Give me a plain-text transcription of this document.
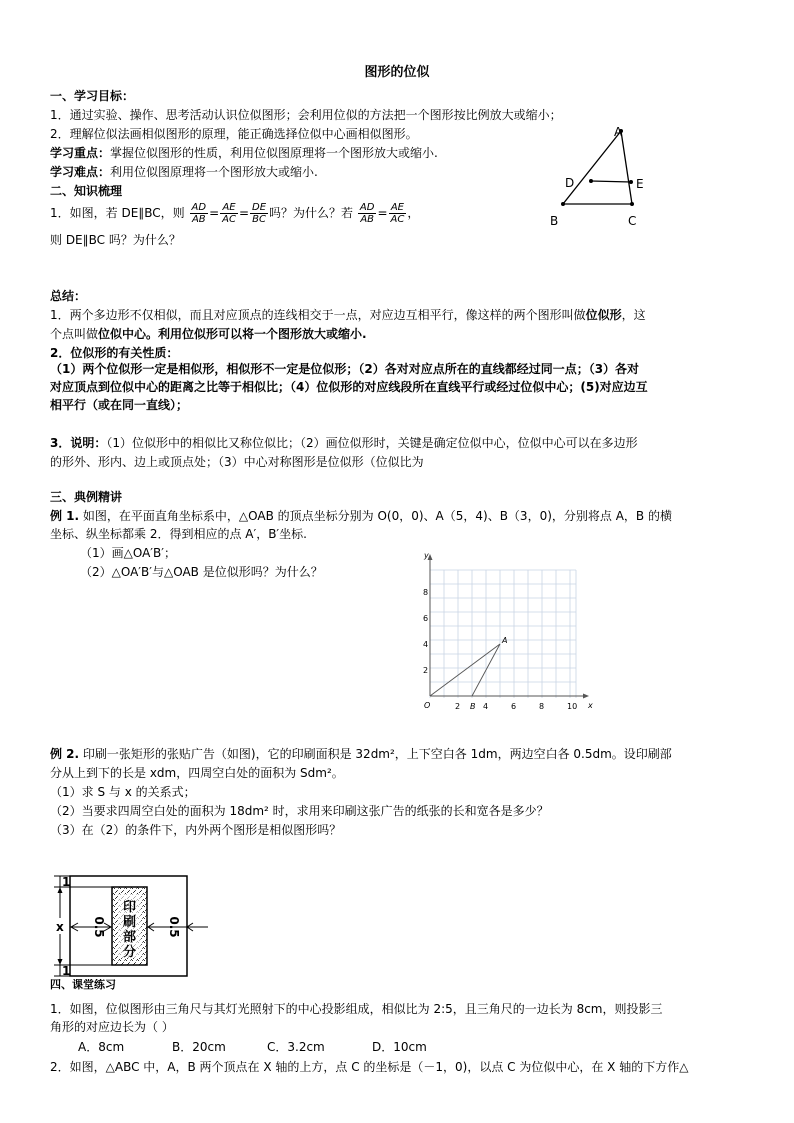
图形的位似
一、学习目标：
1．通过实验、操作、思考活动认识位似图形；会利用位似的方法把一个图形按比例放大或缩小；
2．理解位似法画相似图形的原理，能正确选择位似中心画相似图形。
学习重点：掌握位似图形的性质，利用位似图原理将一个图形放大或缩小.
学习难点：利用位似图原理将一个图形放大或缩小.
二、知识梳理
1．如图，若 DE∥BC，则 $\frac{AD}{AB} = \frac{AE}{AC} = \frac{DE}{BC}$ 吗？为什么？若 $\frac{AD}{AB} = \frac{AE}{AC}$ ，
则 DE∥BC 吗？为什么？
A
B	C
D	E
总结：
1．两个多边形不仅相似，而且对应顶点的连线相交于一点，对应边互相平行，像这样的两个图形叫做位似形，这
个点叫做位似中心。利用位似形可以将一个图形放大或缩小.
2．位似形的有关性质：
（1）两个位似形一定是相似形，相似形不一定是位似形；（2）各对对应点所在的直线都经过同一点；（3）各对
对应顶点到位似中心的距离之比等于相似比；（4）位似形的对应线段所在直线平行或经过位似中心；(5)对应边互
相平行（或在同一直线）；
3．说明：（1）位似形中的相似比又称位似比；（2）画位似形时，关键是确定位似中心，位似中心可以在多边形
的形外、形内、边上或顶点处；（3）中心对称图形是位似形（位似比为
三、典例精讲
例 1. 如图，在平面直角坐标系中，△OAB 的顶点坐标分别为 O(0，0)、A（5，4)、B（3，0)，分别将点 A，B 的横
坐标、纵坐标都乘 2．得到相应的点 A′，B′坐标.
（1）画△OA′B′；
（2）△OA′B′与△OAB 是位似形吗？为什么？
y
x
O
8
6
4
2
2	4	6	8	10
A
B
例 2. 印刷一张矩形的张贴广告（如图)，它的印刷面积是 32dm²，上下空白各 1dm，两边空白各 0.5dm。设印刷部
分从上到下的长是 xdm，四周空白处的面积为 Sdm²。
（1）求 S 与 x 的关系式；
（2）当要求四周空白处的面积为 18dm² 时，求用来印刷这张广告的纸张的长和宽各是多少？
（3）在（2）的条件下，内外两个图形是相似图形吗？
印刷部分
1
x
1
0.5	0.5
四、课堂练习
1．如图，位似图形由三角尺与其灯光照射下的中心投影组成，相似比为 2:5，且三角尺的一边长为 8cm，则投影三
角形的对应边长为（ ）
A．8cm	B．20cm	C．3.2cm	D．10cm
2．如图，△ABC 中，A，B 两个顶点在 X 轴的上方，点 C 的坐标是（－1，0)，以点 C 为位似中心，在 X 轴的下方作△
